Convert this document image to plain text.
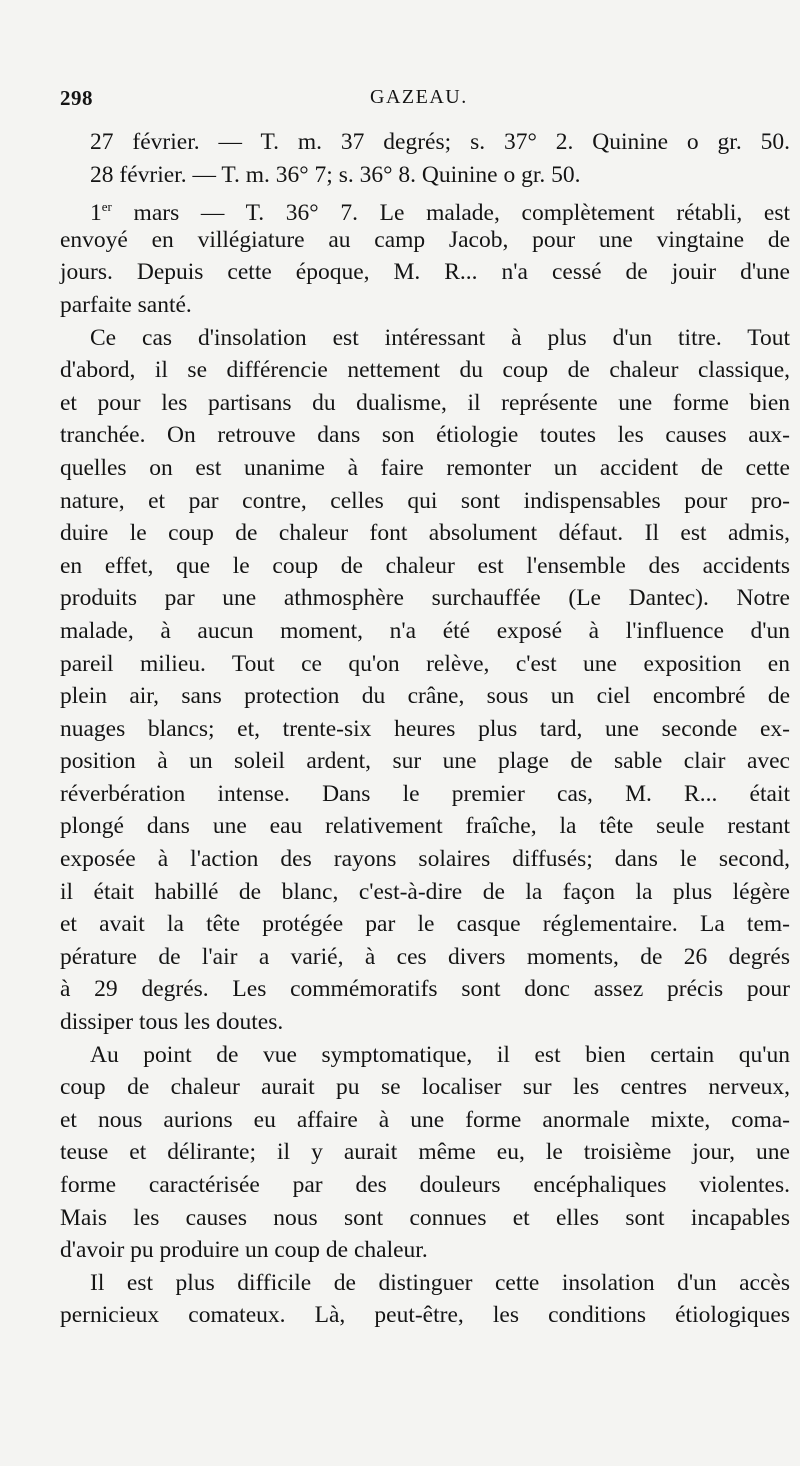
298	GAZEAU.
27 février. — T. m. 37 degrés; s. 37° 2. Quinine o gr. 50.
28 février. — T. m. 36° 7; s. 36° 8. Quinine o gr. 50.
1er mars — T. 36° 7. Le malade, complètement rétabli, est
envoyé en villégiature au camp Jacob, pour une vingtaine de
jours. Depuis cette époque, M. R... n'a cessé de jouir d'une
parfaite santé.
Ce cas d'insolation est intéressant à plus d'un titre. Tout
d'abord, il se différencie nettement du coup de chaleur classique,
et pour les partisans du dualisme, il représente une forme bien
tranchée. On retrouve dans son étiologie toutes les causes aux-
quelles on est unanime à faire remonter un accident de cette
nature, et par contre, celles qui sont indispensables pour pro-
duire le coup de chaleur font absolument défaut. Il est admis,
en effet, que le coup de chaleur est l'ensemble des accidents
produits par une athmosphère surchauffée (Le Dantec). Notre
malade, à aucun moment, n'a été exposé à l'influence d'un
pareil milieu. Tout ce qu'on relève, c'est une exposition en
plein air, sans protection du crâne, sous un ciel encombré de
nuages blancs; et, trente-six heures plus tard, une seconde ex-
position à un soleil ardent, sur une plage de sable clair avec
réverbération intense. Dans le premier cas, M. R... était
plongé dans une eau relativement fraîche, la tête seule restant
exposée à l'action des rayons solaires diffusés; dans le second,
il était habillé de blanc, c'est-à-dire de la façon la plus légère
et avait la tête protégée par le casque réglementaire. La tem-
pérature de l'air a varié, à ces divers moments, de 26 degrés
à 29 degrés. Les commémoratifs sont donc assez précis pour
dissiper tous les doutes.
Au point de vue symptomatique, il est bien certain qu'un
coup de chaleur aurait pu se localiser sur les centres nerveux,
et nous aurions eu affaire à une forme anormale mixte, coma-
teuse et délirante; il y aurait même eu, le troisième jour, une
forme caractérisée par des douleurs encéphaliques violentes.
Mais les causes nous sont connues et elles sont incapables
d'avoir pu produire un coup de chaleur.
Il est plus difficile de distinguer cette insolation d'un accès
pernicieux comateux. Là, peut-être, les conditions étiologiques
